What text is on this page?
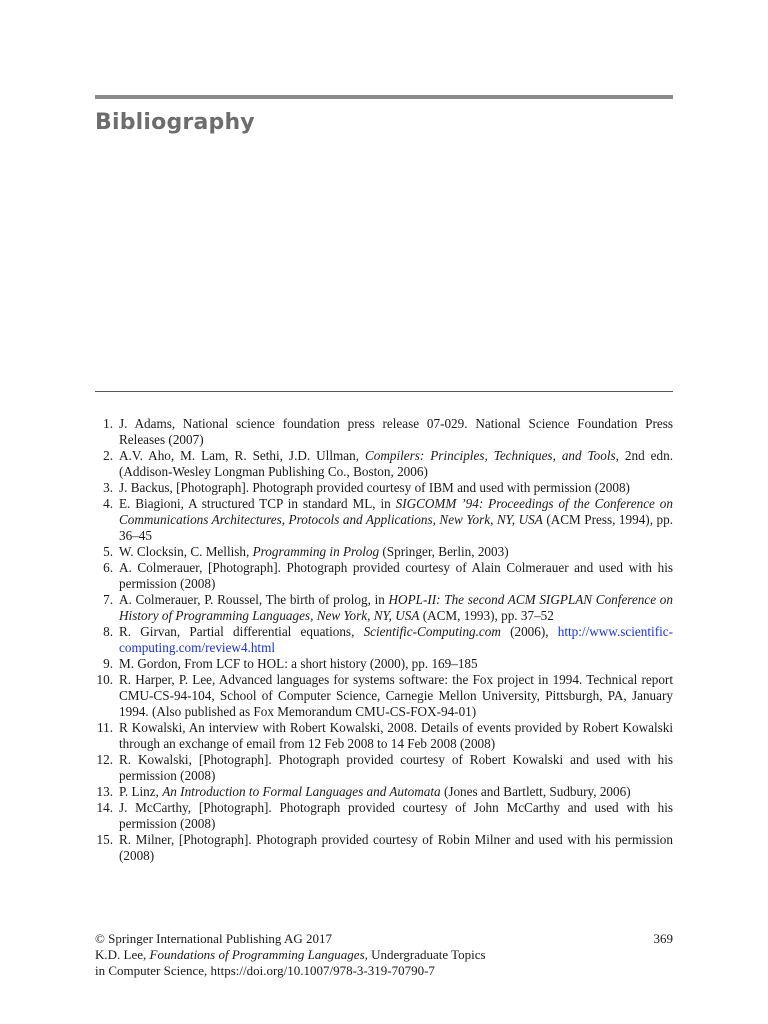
Bibliography
1. J. Adams, National science foundation press release 07-029. National Science Foundation Press Releases (2007)
2. A.V. Aho, M. Lam, R. Sethi, J.D. Ullman, Compilers: Principles, Techniques, and Tools, 2nd edn. (Addison-Wesley Longman Publishing Co., Boston, 2006)
3. J. Backus, [Photograph]. Photograph provided courtesy of IBM and used with permission (2008)
4. E. Biagioni, A structured TCP in standard ML, in SIGCOMM ’94: Proceedings of the Conference on Communications Architectures, Protocols and Applications, New York, NY, USA (ACM Press, 1994), pp. 36–45
5. W. Clocksin, C. Mellish, Programming in Prolog (Springer, Berlin, 2003)
6. A. Colmerauer, [Photograph]. Photograph provided courtesy of Alain Colmerauer and used with his permission (2008)
7. A. Colmerauer, P. Roussel, The birth of prolog, in HOPL-II: The second ACM SIGPLAN Conference on History of Programming Languages, New York, NY, USA (ACM, 1993), pp. 37–52
8. R. Girvan, Partial differential equations, Scientific-Computing.com (2006), http://www.scientific-computing.com/review4.html
9. M. Gordon, From LCF to HOL: a short history (2000), pp. 169–185
10. R. Harper, P. Lee, Advanced languages for systems software: the Fox project in 1994. Technical report CMU-CS-94-104, School of Computer Science, Carnegie Mellon University, Pittsburgh, PA, January 1994. (Also published as Fox Memorandum CMU-CS-FOX-94-01)
11. R Kowalski, An interview with Robert Kowalski, 2008. Details of events provided by Robert Kowalski through an exchange of email from 12 Feb 2008 to 14 Feb 2008 (2008)
12. R. Kowalski, [Photograph]. Photograph provided courtesy of Robert Kowalski and used with his permission (2008)
13. P. Linz, An Introduction to Formal Languages and Automata (Jones and Bartlett, Sudbury, 2006)
14. J. McCarthy, [Photograph]. Photograph provided courtesy of John McCarthy and used with his permission (2008)
15. R. Milner, [Photograph]. Photograph provided courtesy of Robin Milner and used with his permission (2008)
© Springer International Publishing AG 2017	369
K.D. Lee, Foundations of Programming Languages, Undergraduate Topics
in Computer Science, https://doi.org/10.1007/978-3-319-70790-7
